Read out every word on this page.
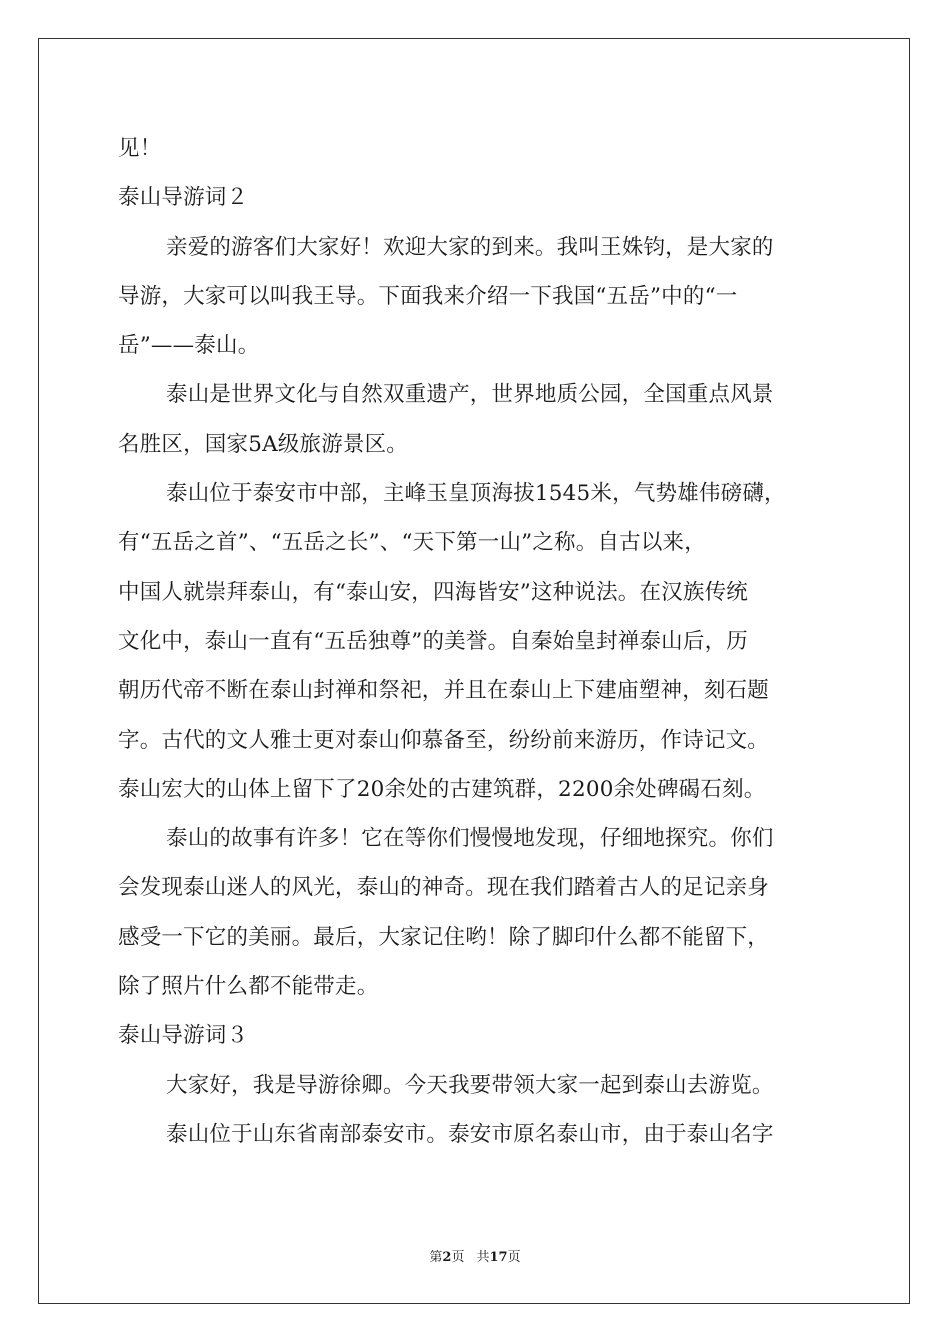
见！
泰山导游词２
亲爱的游客们大家好！欢迎大家的到来。我叫王姝钧，是大家的
导游，大家可以叫我王导。下面我来介绍一下我国“五岳”中的“一
岳”——泰山。
泰山是世界文化与自然双重遗产，世界地质公园，全国重点风景
名胜区，国家5A级旅游景区。
泰山位于泰安市中部，主峰玉皇顶海拔1545米，气势雄伟磅礴，
有“五岳之首”、“五岳之长”、“天下第一山”之称。自古以来，
中国人就崇拜泰山，有“泰山安，四海皆安”这种说法。在汉族传统
文化中，泰山一直有“五岳独尊”的美誉。自秦始皇封禅泰山后，历
朝历代帝不断在泰山封禅和祭祀，并且在泰山上下建庙塑神，刻石题
字。古代的文人雅士更对泰山仰慕备至，纷纷前来游历，作诗记文。
泰山宏大的山体上留下了20余处的古建筑群，2200余处碑碣石刻。
泰山的故事有许多！它在等你们慢慢地发现，仔细地探究。你们
会发现泰山迷人的风光，泰山的神奇。现在我们踏着古人的足记亲身
感受一下它的美丽。最后，大家记住哟！除了脚印什么都不能留下，
除了照片什么都不能带走。
泰山导游词３
大家好，我是导游徐卿。今天我要带领大家一起到泰山去游览。
泰山位于山东省南部泰安市。泰安市原名泰山市，由于泰山名字
第2页 共17页
